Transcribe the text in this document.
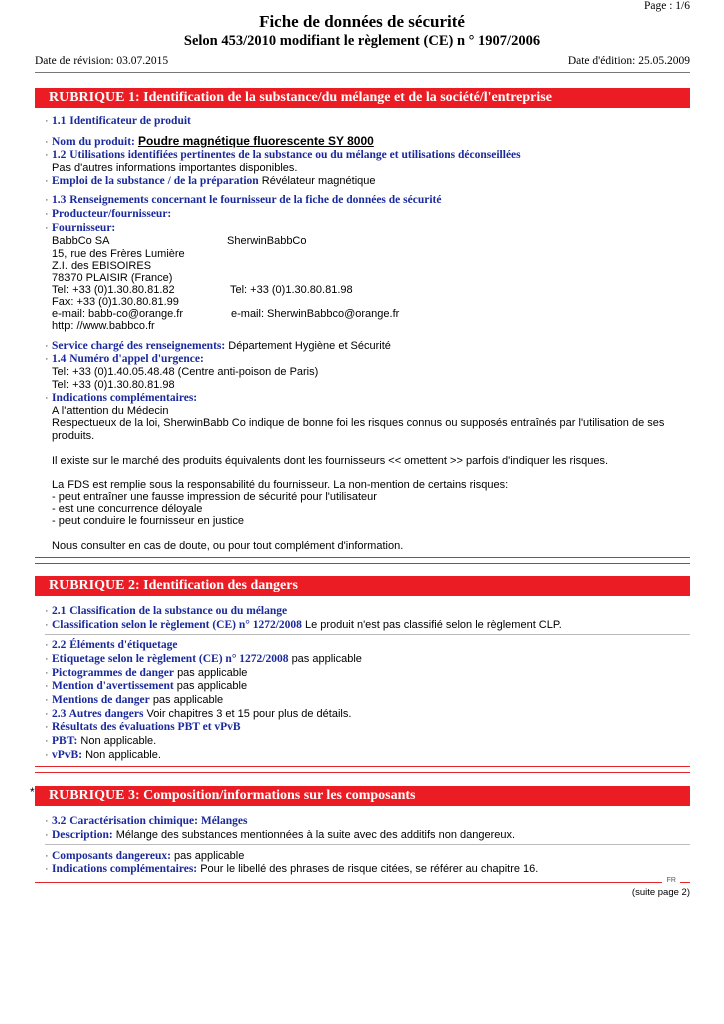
Page : 1/6
Fiche de données de sécurité
Selon 453/2010 modifiant le règlement (CE) n ° 1907/2006
Date de révision: 03.07.2015	Date d'édition: 25.05.2009
RUBRIQUE 1: Identification de la substance/du mélange et de la société/l'entreprise
· 1.1 Identificateur de produit
· Nom du produit: Poudre magnétique fluorescente SY 8000
· 1.2 Utilisations identifiées pertinentes de la substance ou du mélange et utilisations déconseillées
Pas d'autres informations importantes disponibles.
· Emploi de la substance / de la préparation Révélateur magnétique
· 1.3 Renseignements concernant le fournisseur de la fiche de données de sécurité
· Producteur/fournisseur:
· Fournisseur:
BabbCo SA	SherwinBabbCo
15, rue des Frères Lumière
Z.I. des EBISOIRES
78370 PLAISIR (France)
Tel: +33 (0)1.30.80.81.82	Tel: +33 (0)1.30.80.81.98
Fax: +33 (0)1.30.80.81.99
e-mail: babb-co@orange.fr	e-mail: SherwinBabbco@orange.fr
http: //www.babbco.fr
· Service chargé des renseignements: Département Hygiène et Sécurité
· 1.4 Numéro d'appel d'urgence:
Tel: +33 (0)1.40.05.48.48 (Centre anti-poison de Paris)
Tel: +33 (0)1.30.80.81.98
· Indications complémentaires:
A l'attention du Médecin
Respectueux de la loi, SherwinBabb Co indique de bonne foi les risques connus ou supposés entraînés par l'utilisation de ses produits.
Il existe sur le marché des produits équivalents dont les fournisseurs << omettent >> parfois d'indiquer les risques.
La FDS est remplie sous la responsabilité du fournisseur. La non-mention de certains risques:
- peut entraîner une fausse impression de sécurité pour l'utilisateur
- est une concurrence déloyale
- peut conduire le fournisseur en justice
Nous consulter en cas de doute, ou pour tout complément d'information.
RUBRIQUE 2: Identification des dangers
· 2.1 Classification de la substance ou du mélange
· Classification selon le règlement (CE) n° 1272/2008 Le produit n'est pas classifié selon le règlement CLP.
· 2.2 Éléments d'étiquetage
· Etiquetage selon le règlement (CE) n° 1272/2008 pas applicable
· Pictogrammes de danger pas applicable
· Mention d'avertissement pas applicable
· Mentions de danger pas applicable
· 2.3 Autres dangers Voir chapitres 3 et 15 pour plus de détails.
· Résultats des évaluations PBT et vPvB
· PBT: Non applicable.
· vPvB: Non applicable.
*	RUBRIQUE 3: Composition/informations sur les composants
· 3.2 Caractérisation chimique: Mélanges
· Description: Mélange des substances mentionnées à la suite avec des additifs non dangereux.
· Composants dangereux: pas applicable
· Indications complémentaires: Pour le libellé des phrases de risque citées, se référer au chapitre 16.
FR
(suite page 2)
